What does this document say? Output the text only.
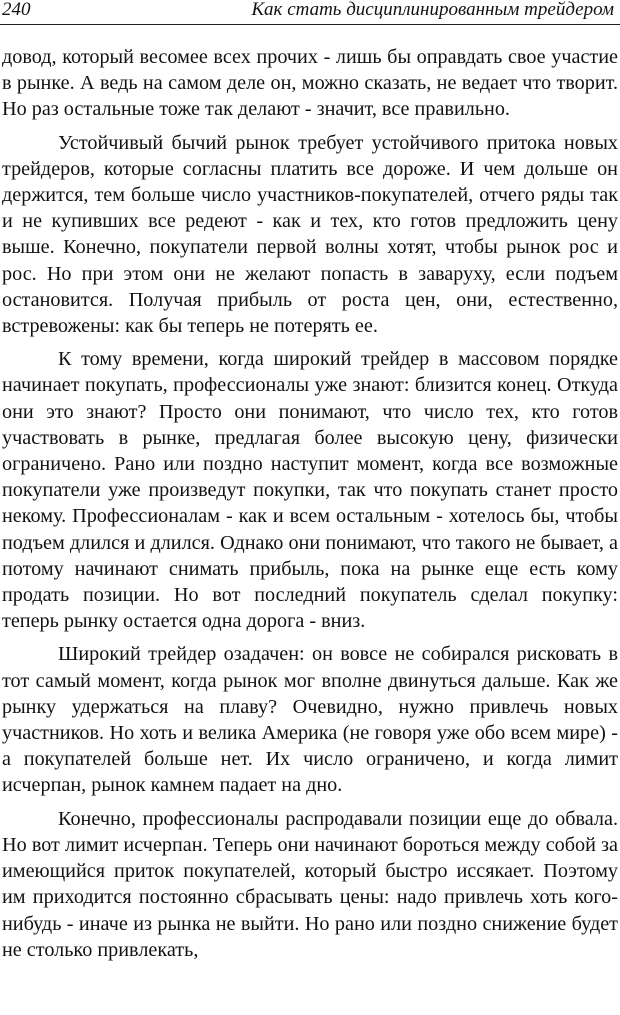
240	Как стать дисциплинированным трейдером

довод, который весомее всех прочих - лишь бы оправдать свое участие в рынке. А ведь на самом деле он, можно сказать, не ведает что творит. Но раз остальные тоже так делают - значит, все правильно.

Устойчивый бычий рынок требует устойчивого притока новых трейдеров, которые согласны платить все дороже. И чем дольше он держится, тем больше число участников-покупателей, отчего ряды так и не купивших все редеют - как и тех, кто готов предложить цену выше. Конечно, покупатели первой волны хотят, чтобы рынок рос и рос. Но при этом они не желают попасть в заваруху, если подъем остановится. Получая прибыль от роста цен, они, естественно, встревожены: как бы теперь не потерять ее.

К тому времени, когда широкий трейдер в массовом порядке начинает покупать, профессионалы уже знают: близится конец. Откуда они это знают? Просто они понимают, что число тех, кто готов участвовать в рынке, предлагая более высокую цену, физически ограничено. Рано или поздно наступит момент, когда все возможные покупатели уже произведут покупки, так что покупать станет просто некому. Профессионалам - как и всем остальным - хотелось бы, чтобы подъем длился и длился. Однако они понимают, что такого не бывает, а потому начинают снимать прибыль, пока на рынке еще есть кому продать позиции. Но вот последний покупатель сделал покупку: теперь рынку остается одна дорога - вниз.

Широкий трейдер озадачен: он вовсе не собирался рисковать в тот самый момент, когда рынок мог вполне двинуться дальше. Как же рынку удержаться на плаву? Очевидно, нужно привлечь новых участников. Но хоть и велика Америка (не говоря уже обо всем мире) - а покупателей больше нет. Их число ограничено, и когда лимит исчерпан, рынок камнем падает на дно.

Конечно, профессионалы распродавали позиции еще до обвала. Но вот лимит исчерпан. Теперь они начинают бороться между собой за имеющийся приток покупателей, который быстро иссякает. Поэтому им приходится постоянно сбрасывать цены: надо привлечь хоть кого-нибудь - иначе из рынка не выйти. Но рано или поздно снижение будет не столько привлекать,
